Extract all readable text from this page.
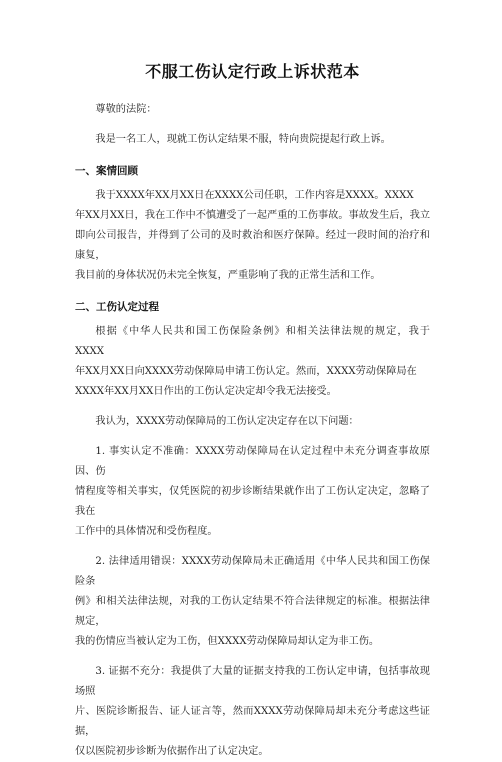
不服工伤认定行政上诉状范本

尊敬的法院：

我是一名工人，现就工伤认定结果不服，特向贵院提起行政上诉。

一、案情回顾

我于XXXX年XX月XX日在XXXX公司任职，工作内容是XXXX。XXXX
年XX月XX日，我在工作中不慎遭受了一起严重的工伤事故。事故发生后，我立
即向公司报告，并得到了公司的及时救治和医疗保障。经过一段时间的治疗和康复，
我目前的身体状况仍未完全恢复，严重影响了我的正常生活和工作。

二、工伤认定过程

根据《中华人民共和国工伤保险条例》和相关法律法规的规定，我于XXXX
年XX月XX日向XXXX劳动保障局申请工伤认定。然而，XXXX劳动保障局在
XXXX年XX月XX日作出的工伤认定决定却令我无法接受。

我认为，XXXX劳动保障局的工伤认定决定存在以下问题：

1. 事实认定不准确：XXXX劳动保障局在认定过程中未充分调查事故原因、伤
情程度等相关事实，仅凭医院的初步诊断结果就作出了工伤认定决定，忽略了我在
工作中的具体情况和受伤程度。

2. 法律适用错误：XXXX劳动保障局未正确适用《中华人民共和国工伤保险条
例》和相关法律法规，对我的工伤认定结果不符合法律规定的标准。根据法律规定，
我的伤情应当被认定为工伤，但XXXX劳动保障局却认定为非工伤。

3. 证据不充分：我提供了大量的证据支持我的工伤认定申请，包括事故现场照
片、医院诊断报告、证人证言等，然而XXXX劳动保障局却未充分考虑这些证据，
仅以医院初步诊断为依据作出了认定决定。
